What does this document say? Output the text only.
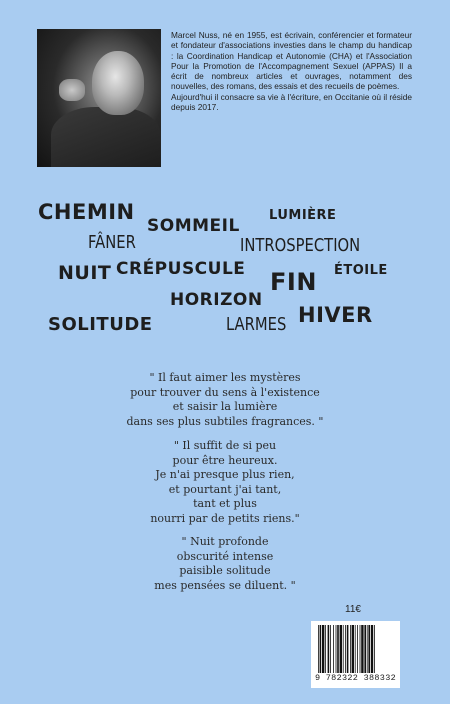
Marcel Nuss, né en 1955, est écrivain, conférencier et formateur et fondateur d'associations investies dans le champ du handicap : la Coordination Handicap et Autonomie (CHA) et l'Association Pour la Promotion de l'Accompagnement Sexuel (APPAS) Il a écrit de nombreux articles et ouvrages, notamment des nouvelles, des romans, des essais et des recueils de poèmes.

Aujourd'hui il consacre sa vie à l'écriture, en Occitanie où il réside depuis 2017.

CHEMIN
SOMMEIL
LUMIÈRE
FÂNER	INTROSPECTION
NUIT CRÉPUSCULE FIN ÉTOILE
HORIZON
HIVER
SOLITUDE	LARMES
" Il faut aimer les mystères
pour trouver du sens à l'existence
et saisir la lumière
dans ses plus subtiles fragrances. "
" Il suffit de si peu
pour être heureux.
Je n'ai presque plus rien,
et pourtant j'ai tant,
tant et plus
nourri par de petits riens."
" Nuit profonde
obscurité intense
paisible solitude
mes pensées se diluent. "
11€
9 782322 388332
